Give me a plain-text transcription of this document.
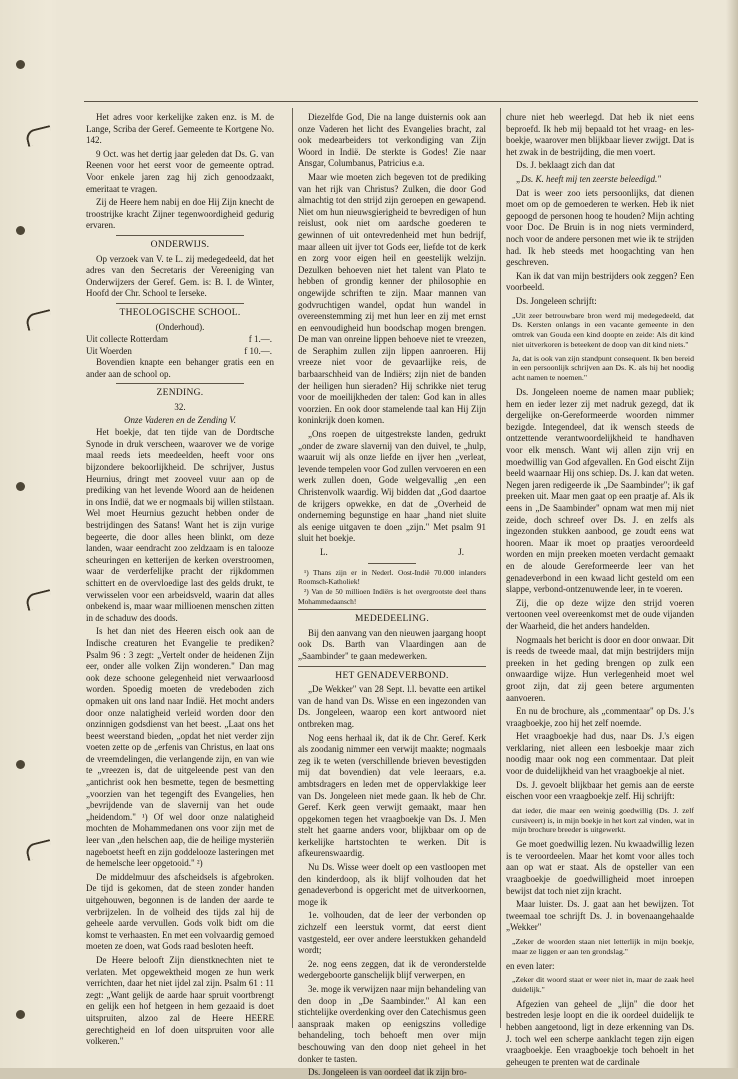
Het adres voor kerkelijke zaken enz. is M. de Lange, Scriba der Geref. Gemeente te Kortgene No. 142.

9 Oct. was het dertig jaar geleden dat Ds. G. van Reenen voor het eerst voor de gemeente optrad. Voor enkele jaren zag hij zich genoodzaakt, emeritaat te vragen.

Zij de Heere hem nabij en doe Hij Zijn knecht de troostrijke kracht Zijner tegenwoordigheid gedurig ervaren.

ONDERWIJS.

Op verzoek van V. te L. zij medegedeeld, dat het adres van den Secretaris der Vereeniging van Onderwijzers der Geref. Gem. is: B. I. de Winter, Hoofd der Chr. School te Ierseke.

THEOLOGISCHE SCHOOL.
(Onderhoud).
Uit collecte Rotterdam	f 1.—.
Uit Woerden	f 10.—.

Bovendien knapte een behanger gratis een en ander aan de school op.

ZENDING.
32.
Onze Vaderen en de Zending V.

Het boekje, dat ten tijde van de Dordtsche Synode in druk verscheen, waarover we de vorige maal reeds iets meedeelden, heeft voor ons bijzondere bekoorlijkheid. De schrijver, Justus Heurnius, dringt met zooveel vuur aan op de prediking van het levende Woord aan de heidenen in ons Indië, dat we er nogmaals bij willen stilstaan. Wel moet Heurnius gezucht hebben onder de bestrijdingen des Satans! Want het is zijn vurige begeerte, die door alles heen blinkt, om deze landen, waar eendracht zoo zeldzaam is en talooze scheuringen en ketterijen de kerken overstroomen, waar de verderfelijke pracht der rijkdommen schittert en de overvloedige last des gelds drukt, te verwisselen voor een arbeidsveld, waarin dat alles onbekend is, maar waar millioenen menschen zitten in de schaduw des doods.

Is het dan niet des Heeren eisch ook aan de Indische creaturen het Evangelie te prediken? Psalm 96 : 3 zegt: „Vertelt onder de heidenen Zijn eer, onder alle volken Zijn wonderen." Dan mag ook deze schoone gelegenheid niet verwaarloosd worden. Spoedig moeten de vredeboden zich opmaken uit ons land naar Indië. Het mocht anders door onze nalatigheid verleid worden door den onzinnigen godsdienst van het beest. „Laat ons het beest weerstand bieden, „opdat het niet verder zijn voeten zette op de „erfenis van Christus, en laat ons de vreemdelingen, die verlangende zijn, en van wie te „vreezen is, dat de uitgeleende pest van den „antichrist ook hen besmette, tegen de besmetting „voorzien van het tegengift des Evangelies, hen „bevrijdende van de slavernij van het oude „heidendom." ¹) Of wel door onze nalatigheid mochten de Mohammedanen ons voor zijn met de leer van „den helschen aap, die de heilige mysteriën nageboetst heeft en zijn goddelooze lasteringen met de hemelsche leer opgetooid." ²)

De middelmuur des afscheidsels is afgebroken. De tijd is gekomen, dat de steen zonder handen uitgehouwen, begonnen is de landen der aarde te verbrijzelen. In de volheid des tijds zal hij de geheele aarde vervullen. Gods volk bidt om die komst te verhaasten. En met een volvaardig gemoed moeten ze doen, wat Gods raad besloten heeft.

De Heere belooft Zijn dienstknechten niet te verlaten. Met opgewektheid mogen ze hun werk verrichten, daar het niet ijdel zal zijn. Psalm 61 : 11 zegt: „Want gelijk de aarde haar spruit voortbrengt en gelijk een hof hetgeen in hem gezaaid is doet uitspruiten, alzoo zal de Heere HEERE gerechtigheid en lof doen uitspruiten voor alle volkeren."

Diezelfde God, Die na lange duisternis ook aan onze Vaderen het licht des Evangelies bracht, zal ook medearbeiders tot verkondiging van Zijn Woord in Indië. De sterkte is Godes! Zie naar Ansgar, Columbanus, Patricius e.a.

Maar wie moeten zich begeven tot de prediking van het rijk van Christus? Zulken, die door God almachtig tot den strijd zijn geroepen en gewapend. Niet om hun nieuwsgierigheid te bevredigen of hun reislust, ook niet om aardsche goederen te gewinnen of uit ontevredenheid met hun bedrijf, maar alleen uit ijver tot Gods eer, liefde tot de kerk en zorg voor eigen heil en geestelijk welzijn. Dezulken behoeven niet het talent van Plato te hebben of grondig kenner der philosophie en ongewijde schriften te zijn. Maar mannen van godvruchtigen wandel, opdat hun wandel in overeenstemming zij met hun leer en zij met ernst en eenvoudigheid hun boodschap mogen brengen. De man van onreine lippen behoeve niet te vreezen, de Seraphim zullen zijn lippen aanroeren. Hij vreeze niet voor de gevaarlijke reis, de barbaarschheid van de Indiërs; zijn niet de banden der heiligen hun sieraden? Hij schrikke niet terug voor de moeilijkheden der talen: God kan in alles voorzien. En ook door stamelende taal kan Hij Zijn koninkrijk doen komen.

„Ons roepen de uitgestrekste landen, gedrukt „onder de zware slavernij van den duivel, te „hulp, waaruit wij als onze liefde en ijver hen „verleat, levende tempelen voor God zullen vervoeren en een werk zullen doen, Gode welgevallig „en een Christenvolk waardig. Wij bidden dat „God daartoe de krijgers opwekke, en dat de „Overheid de onderneming begunstige en haar „hand niet sluite als eenige uitgaven te doen „zijn." Met psalm 91 sluit het boekje.

L.	J.

¹) Thans zijn er in Nederl. Oost-Indië 70.000 inlanders Roomsch-Katholiek!

²) Van de 50 millioen Indiërs is het overgrootste deel thans Mohammedaansch!

MEDEDEELING.

Bij den aanvang van den nieuwen jaargang hoopt ook Ds. Barth van Vlaardingen aan de „Saambinder" te gaan medewerken.

HET GENADEVERBOND.

„De Wekker" van 28 Sept. l.l. bevatte een artikel van de hand van Ds. Wisse en een ingezonden van Ds. Jongeleen, waarop een kort antwoord niet ontbreken mag.

Nog eens herhaal ik, dat ik de Chr. Geref. Kerk als zoodanig nimmer een verwijt maakte; nogmaals zeg ik te weten (verschillende brieven bevestigden mij dat bovendien) dat vele leeraars, e.a. ambtsdragers en leden met de oppervlakkige leer van Ds. Jongeleen niet mede gaan. Ik heb de Chr. Geref. Kerk geen verwijt gemaakt, maar hen opgekomen tegen het vraagboekje van Ds. J. Men stelt het gaarne anders voor, blijkbaar om op de kerkelijke hartstochten te werken. Dit is afkeurenswaardig.

Nu Ds. Wisse weer doelt op een vastloopen met den kinderdoop, als ik blijf volhouden dat het genadeverbond is opgericht met de uitverkoornen, moge ik

1e. volhouden, dat de leer der verbonden op zichzelf een leerstuk vormt, dat eerst dient vastgesteld, eer over andere leerstukken gehandeld wordt;

2e. nog eens zeggen, dat ik de veronderstelde wedergeboorte ganschelijk blijf verwerpen, en

3e. moge ik verwijzen naar mijn behandeling van den doop in „De Saambinder." Al kan een stichtelijke overdenking over den Catechismus geen aanspraak maken op eenigszins volledige behandeling, toch behoeft men over mijn beschouwing van den doop niet geheel in het donker te tasten.

Ds. Jongeleen is van oordeel dat ik zijn bro-

chure niet heb weerlegd. Dat heb ik niet eens beproefd. Ik heb mij bepaald tot het vraag- en les-boekje, waarover men blijkbaar liever zwijgt. Dat is het zwak in de bestrijding, die men voert.

Ds. J. beklaagt zich dan dat

„Ds. K. heeft mij ten zeerste beleedigd."

Dat is weer zoo iets persoonlijks, dat dienen moet om op de gemoederen te werken. Heb ik niet gepoogd de personen hoog te houden? Mijn achting voor Doc. De Bruin is in nog niets verminderd, noch voor de andere personen met wie ik te strijden had. Ik heb steeds met hoogachting van hen geschreven.

Kan ik dat van mijn bestrijders ook zeggen? Een voorbeeld.

Ds. Jongeleen schrijft:

„Uit zeer betrouwbare bron werd mij medegedeeld, dat Ds. Kersten onlangs in een vacante gemeente in den omtrek van Gouda een kind doopte en zeide: Als dit kind niet uitverkoren is beteekent de doop van dit kind niets."

Ja, dat is ook van zijn standpunt consequent. Ik ben bereid in een persoonlijk schrijven aan Ds. K. als hij het noodig acht namen te noemen."

Ds. Jongeleen noeme de namen maar publiek; hem en ieder lezer zij met nadruk gezegd, dat ik dergelijke on-Gereformeerde woorden nimmer bezigde. Integendeel, dat ik wensch steeds de ontzettende verantwoordelijkheid te handhaven voor elk mensch. Want wij allen zijn vrij en moedwillig van God afgevallen. En God eischt Zijn beeld waarnaar Hij ons schiep. Ds. J. kan dat weten. Negen jaren redigeerde ik „De Saambinder"; ik gaf preeken uit. Maar men gaat op een praatje af. Als ik eens in „De Saambinder" opnam wat men mij niet zeide, doch schreef over Ds. J. en zelfs als ingezonden stukken aanbood, ge zoudt eens wat hooren. Maar ik moet op praatjes veroordeeld worden en mijn preeken moeten verdacht gemaakt en de aloude Gereformeerde leer van het genadeverbond in een kwaad licht gesteld om een slappe, verbond-ontzenuwende leer, in te voeren.

Zij, die op deze wijze den strijd voeren vertoonen veel overeenkomst met de oude vijanden der Waarheid, die het anders handelden.

Nogmaals het bericht is door en door onwaar. Dit is reeds de tweede maal, dat mijn bestrijders mijn preeken in het geding brengen op zulk een onwaardige wijze. Hun verlegenheid moet wel groot zijn, dat zij geen betere argumenten aanvoeren.

En nu de brochure, als „commentaar" op Ds. J.'s vraagboekje, zoo hij het zelf noemde.

Het vraagboekje had dus, naar Ds. J.'s eigen verklaring, niet alleen een lesboekje maar zich noodig maar ook nog een commentaar. Dat pleit voor de duidelijkheid van het vraagboekje al niet.

Ds. J. gevoelt blijkbaar het gemis aan de eerste eischen voor een vraagboekje zelf. Hij schrijft:

dat ieder, die maar een weinig goedwillig (Ds. J. zelf cursiveert) is, in mijn boekje in het kort zal vinden, wat in mijn brochure breeder is uitgewerkt.

Ge moet goedwillig lezen. Nu kwaadwillig lezen is te veroordeelen. Maar het komt voor alles toch aan op wat er staat. Als de opsteller van een vraagboekje de goedwilligheid moet inroepen bewijst dat toch niet zijn kracht.

Maar luister. Ds. J. gaat aan het bewijzen. Tot tweemaal toe schrijft Ds. J. in bovenaangehaalde „Wekker"

„Zeker de woorden staan niet letterlijk in mijn boekje, maar ze liggen er aan ten grondslag."

en even later:

„Zeker dit woord staat er weer niet in, maar de zaak heel duidelijk."

Afgezien van geheel de „lijn" die door het bestreden lesje loopt en die ik oordeel duidelijk te hebben aangetoond, ligt in deze erkenning van Ds. J. toch wel een scherpe aanklacht tegen zijn eigen vraagboekje. Een vraagboekje toch behoelt in het geheugen te prenten wat de cardinale
